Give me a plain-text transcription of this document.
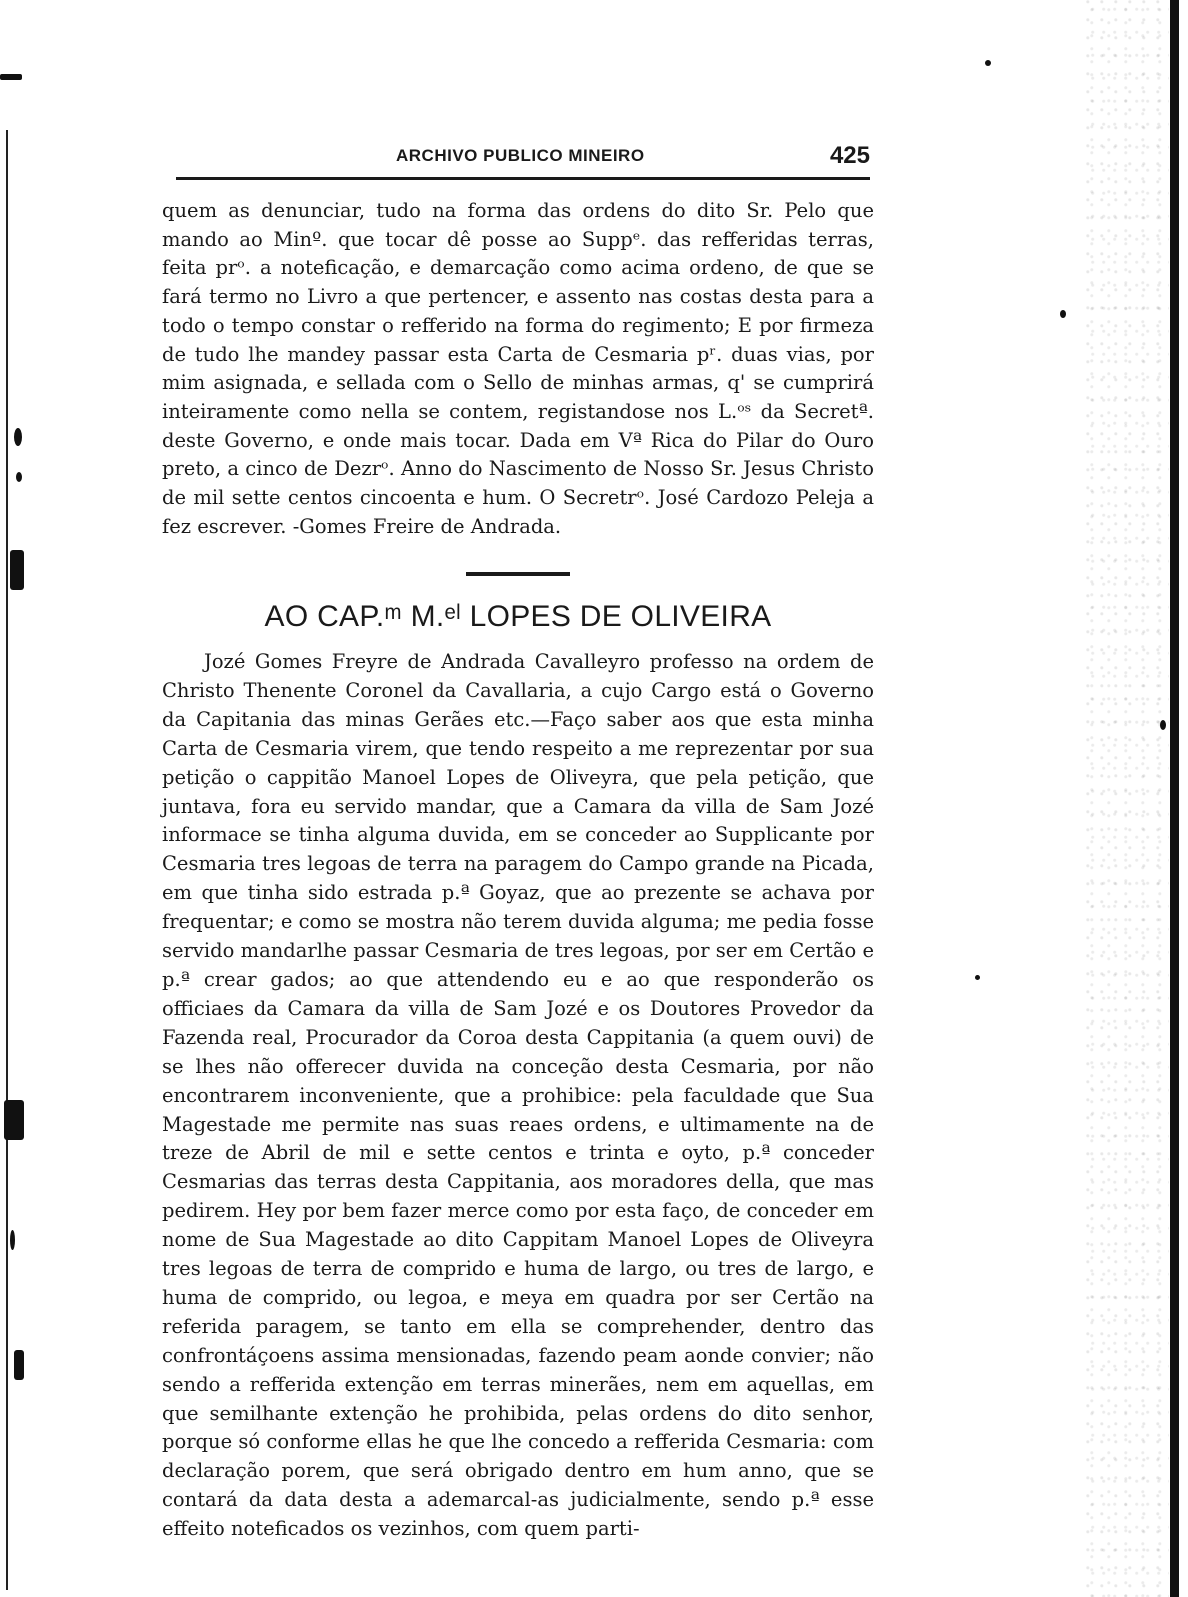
ARCHIVO PUBLICO MINEIRO	425

quem as denunciar, tudo na forma das ordens do dito Sr. Pelo que mando ao Minº. que tocar dê posse ao Suppᵉ. das refferidas terras, feita prᵒ. a noteficação, e demarcação como acima ordeno, de que se fará termo no Livro a que pertencer, e assento nas costas desta para a todo o tempo constar o refferido na forma do regimento; E por firmeza de tudo lhe mandey passar esta Carta de Cesmaria pʳ. duas vias, por mim asignada, e sellada com o Sello de minhas armas, q' se cumprirá inteiramente como nella se contem, registandose nos L.ᵒˢ da Secretª. deste Governo, e onde mais tocar. Dada em Vª Rica do Pilar do Ouro preto, a cinco de Dezrᵒ. Anno do Nascimento de Nosso Sr. Jesus Christo de mil sette centos cincoenta e hum. O Secretrᵒ. José Cardozo Peleja a fez escrever. -Gomes Freire de Andrada.

AO CAP.ᵐ M.ᵉˡ LOPES DE OLIVEIRA

Jozé Gomes Freyre de Andrada Cavalleyro professo na ordem de Christo Thenente Coronel da Cavallaria, a cujo Cargo está o Governo da Capitania das minas Gerães etc.—Faço saber aos que esta minha Carta de Cesmaria virem, que tendo respeito a me reprezentar por sua petição o cappitão Manoel Lopes de Oliveyra, que pela petição, que juntava, fora eu servido mandar, que a Camara da villa de Sam Jozé informace se tinha alguma duvida, em se conceder ao Supplicante por Cesmaria tres legoas de terra na paragem do Campo grande na Picada, em que tinha sido estrada p.ª Goyaz, que ao prezente se achava por frequentar; e como se mostra não terem duvida alguma; me pedia fosse servido mandarlhe passar Cesmaria de tres legoas, por ser em Certão e p.ª crear gados; ao que attendendo eu e ao que responderão os officiaes da Camara da villa de Sam Jozé e os Doutores Provedor da Fazenda real, Procurador da Coroa desta Cappitania (a quem ouvi) de se lhes não offerecer duvida na conceção desta Cesmaria, por não encontrarem inconveniente, que a prohibice: pela faculdade que Sua Magestade me permite nas suas reaes ordens, e ultimamente na de treze de Abril de mil e sette centos e trinta e oyto, p.ª conceder Cesmarias das terras desta Cappitania, aos moradores della, que mas pedirem. Hey por bem fazer merce como por esta faço, de conceder em nome de Sua Magestade ao dito Cappitam Manoel Lopes de Oliveyra tres legoas de terra de comprido e huma de largo, ou tres de largo, e huma de comprido, ou legoa, e meya em quadra por ser Certão na referida paragem, se tanto em ella se comprehender, dentro das confrontáçoens assima mensionadas, fazendo peam aonde convier; não sendo a refferida extenção em terras minerães, nem em aquellas, em que semilhante extenção he prohibida, pelas ordens do dito senhor, porque só conforme ellas he que lhe concedo a refferida Cesmaria: com declaração porem, que será obrigado dentro em hum anno, que se contará da data desta a ademarcal-as judicialmente, sendo p.ª esse effeito noteficados os vezinhos, com quem parti-
